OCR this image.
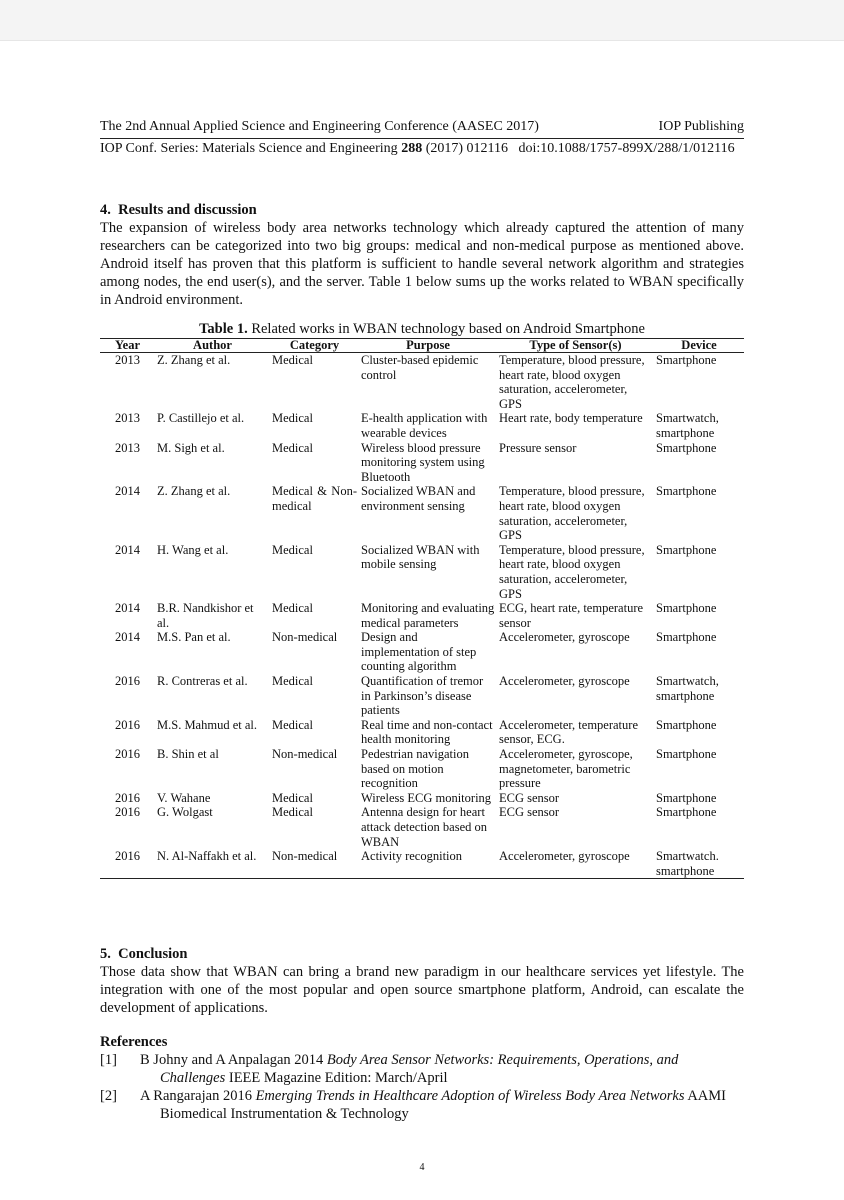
The 2nd Annual Applied Science and Engineering Conference (AASEC 2017)	IOP Publishing
IOP Conf. Series: Materials Science and Engineering 288 (2017) 012116   doi:10.1088/1757-899X/288/1/012116
4.  Results and discussion
The expansion of wireless body area networks technology which already captured the attention of many researchers can be categorized into two big groups: medical and non-medical purpose as mentioned above. Android itself has proven that this platform is sufficient to handle several network algorithm and strategies among nodes, the end user(s), and the server. Table 1 below sums up the works related to WBAN specifically in Android environment.
Table 1. Related works in WBAN technology based on Android Smartphone
Year	Author	Category	Purpose	Type of Sensor(s)	Device
2013	Z. Zhang et al.	Medical	Cluster-based epidemic control	Temperature, blood pressure, heart rate, blood oxygen saturation, accelerometer, GPS	Smartphone
2013	P. Castillejo et al.	Medical	E-health application with wearable devices	Heart rate, body temperature	Smartwatch, smartphone
2013	M. Sigh et al.	Medical	Wireless blood pressure monitoring system using Bluetooth	Pressure sensor	Smartphone
2014	Z. Zhang et al.	Medical & Non-medical	Socialized WBAN and environment sensing	Temperature, blood pressure, heart rate, blood oxygen saturation, accelerometer, GPS	Smartphone
2014	H. Wang et al.	Medical	Socialized WBAN with mobile sensing	Temperature, blood pressure, heart rate, blood oxygen saturation, accelerometer, GPS	Smartphone
2014	B.R. Nandkishor et al.	Medical	Monitoring and evaluating medical parameters	ECG, heart rate, temperature sensor	Smartphone
2014	M.S. Pan et al.	Non-medical	Design and implementation of step counting algorithm	Accelerometer, gyroscope	Smartphone
2016	R. Contreras et al.	Medical	Quantification of tremor in Parkinson’s disease patients	Accelerometer, gyroscope	Smartwatch, smartphone
2016	M.S. Mahmud et al.	Medical	Real time and non-contact health monitoring	Accelerometer, temperature sensor, ECG.	Smartphone
2016	B. Shin et al	Non-medical	Pedestrian navigation based on motion recognition	Accelerometer, gyroscope, magnetometer, barometric pressure	Smartphone
2016	V. Wahane	Medical	Wireless ECG monitoring	ECG sensor	Smartphone
2016	G. Wolgast	Medical	Antenna design for heart attack detection based on WBAN	ECG sensor	Smartphone
2016	N. Al-Naffakh et al.	Non-medical	Activity recognition	Accelerometer, gyroscope	Smartwatch. smartphone
5.  Conclusion
Those data show that WBAN can bring a brand new paradigm in our healthcare services yet lifestyle. The integration with one of the most popular and open source smartphone platform, Android, can escalate the development of applications.
References
[1] B Johny and A Anpalagan 2014 Body Area Sensor Networks: Requirements, Operations, and Challenges IEEE Magazine Edition: March/April
[2] A Rangarajan 2016 Emerging Trends in Healthcare Adoption of Wireless Body Area Networks AAMI Biomedical Instrumentation & Technology
4
